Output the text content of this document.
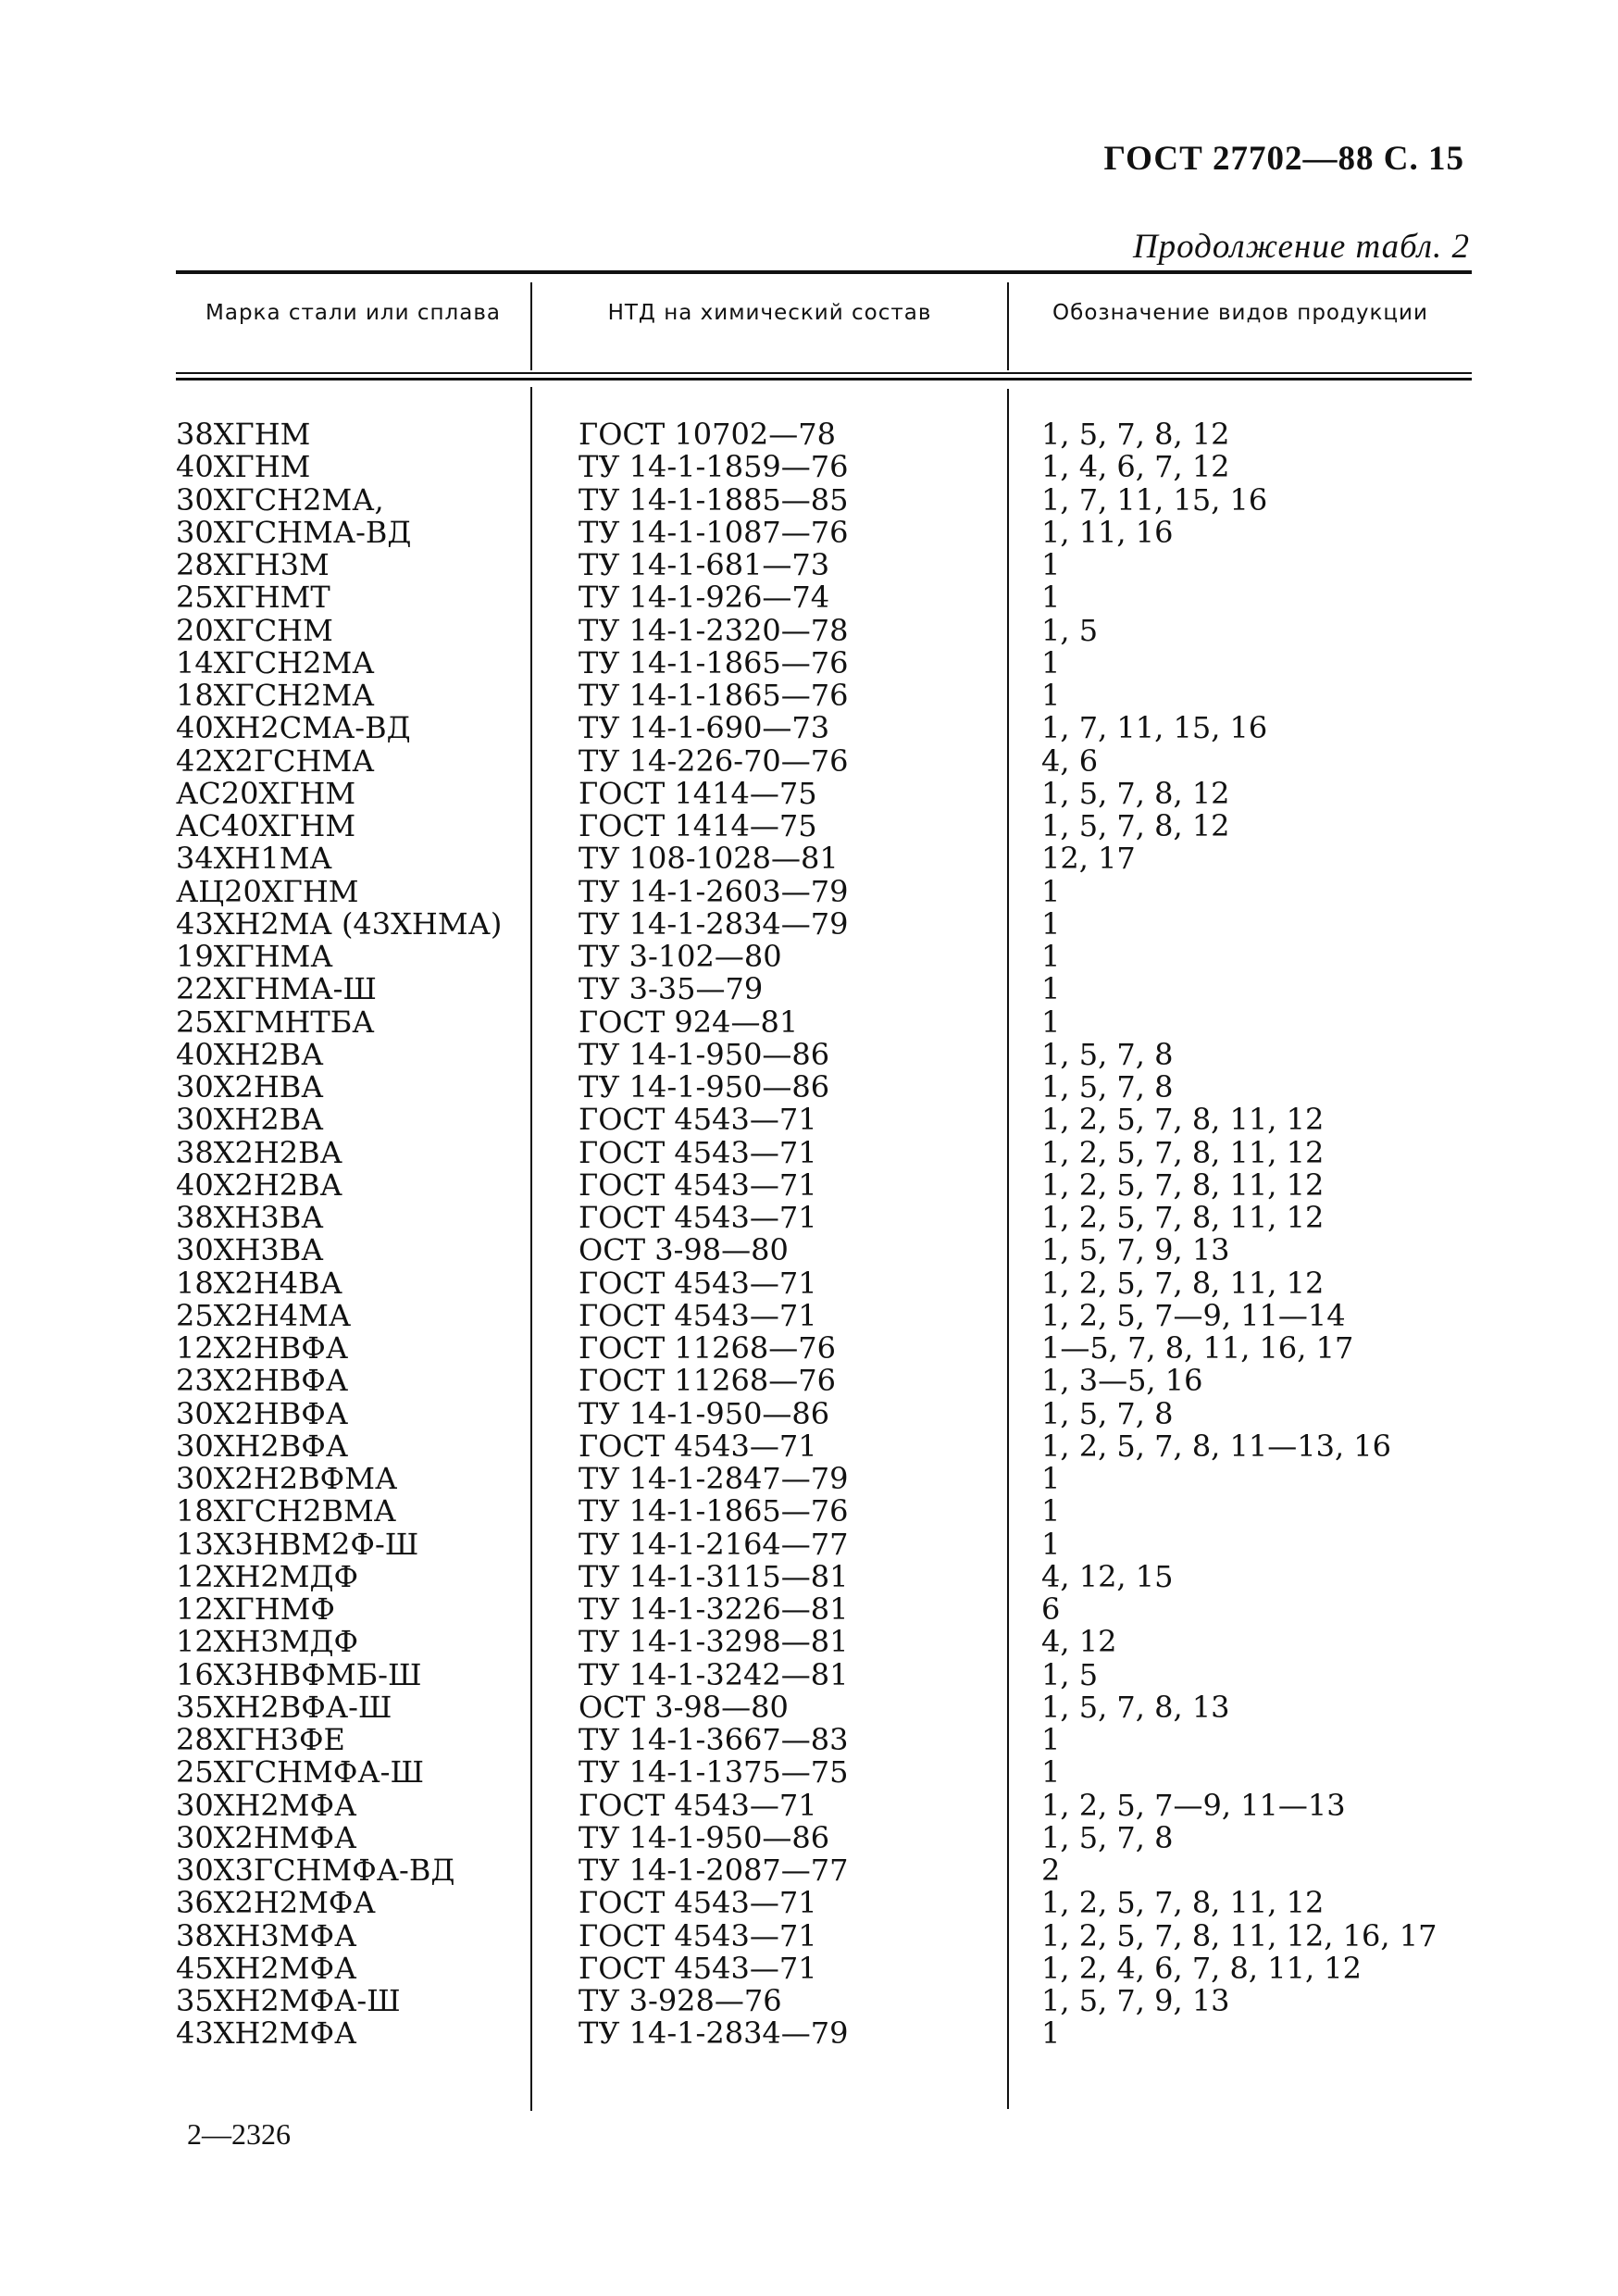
ГОСТ 27702—88 С. 15
Продолжение табл. 2
Марка стали или сплава	НТД на химический состав	Обозначение видов продукции
38ХГНМ	ГОСТ 10702—78	1, 5, 7, 8, 12
40ХГНМ	ТУ 14-1-1859—76	1, 4, 6, 7, 12
30ХГСН2МА,	ТУ 14-1-1885—85	1, 7, 11, 15, 16
30ХГСНМА-ВД	ТУ 14-1-1087—76	1, 11, 16
28ХГН3М	ТУ 14-1-681—73	1
25ХГНМТ	ТУ 14-1-926—74	1
20ХГСНМ	ТУ 14-1-2320—78	1, 5
14ХГСН2МА	ТУ 14-1-1865—76	1
18ХГСН2МА	ТУ 14-1-1865—76	1
40ХН2СМА-ВД	ТУ 14-1-690—73	1, 7, 11, 15, 16
42Х2ГСНМА	ТУ 14-226-70—76	4, 6
АС20ХГНМ	ГОСТ 1414—75	1, 5, 7, 8, 12
АС40ХГНМ	ГОСТ 1414—75	1, 5, 7, 8, 12
34ХН1МА	ТУ 108-1028—81	12, 17
АЦ20ХГНМ	ТУ 14-1-2603—79	1
43ХН2МА (43ХНМА)	ТУ 14-1-2834—79	1
19ХГНМА	ТУ 3-102—80	1
22ХГНМА-Ш	ТУ 3-35—79	1
25ХГМНТБА	ГОСТ 924—81	1
40ХН2ВА	ТУ 14-1-950—86	1, 5, 7, 8
30Х2НВА	ТУ 14-1-950—86	1, 5, 7, 8
30ХН2ВА	ГОСТ 4543—71	1, 2, 5, 7, 8, 11, 12
38Х2Н2ВА	ГОСТ 4543—71	1, 2, 5, 7, 8, 11, 12
40Х2Н2ВА	ГОСТ 4543—71	1, 2, 5, 7, 8, 11, 12
38ХН3ВА	ГОСТ 4543—71	1, 2, 5, 7, 8, 11, 12
30ХН3ВА	ОСТ 3-98—80	1, 5, 7, 9, 13
18Х2Н4ВА	ГОСТ 4543—71	1, 2, 5, 7, 8, 11, 12
25Х2Н4МА	ГОСТ 4543—71	1, 2, 5, 7—9, 11—14
12Х2НВФА	ГОСТ 11268—76	1—5, 7, 8, 11, 16, 17
23Х2НВФА	ГОСТ 11268—76	1, 3—5, 16
30Х2НВФА	ТУ 14-1-950—86	1, 5, 7, 8
30ХН2ВФА	ГОСТ 4543—71	1, 2, 5, 7, 8, 11—13, 16
30Х2Н2ВФМА	ТУ 14-1-2847—79	1
18ХГСН2ВМА	ТУ 14-1-1865—76	1
13Х3НВМ2Ф-Ш	ТУ 14-1-2164—77	1
12ХН2МДФ	ТУ 14-1-3115—81	4, 12, 15
12ХГНМФ	ТУ 14-1-3226—81	6
12ХН3МДФ	ТУ 14-1-3298—81	4, 12
16Х3НВФМБ-Ш	ТУ 14-1-3242—81	1, 5
35ХН2ВФА-Ш	ОСТ 3-98—80	1, 5, 7, 8, 13
28ХГН3ФЕ	ТУ 14-1-3667—83	1
25ХГСНМФА-Ш	ТУ 14-1-1375—75	1
30ХН2МФА	ГОСТ 4543—71	1, 2, 5, 7—9, 11—13
30Х2НМФА	ТУ 14-1-950—86	1, 5, 7, 8
30Х3ГСНМФА-ВД	ТУ 14-1-2087—77	2
36Х2Н2МФА	ГОСТ 4543—71	1, 2, 5, 7, 8, 11, 12
38ХН3МФА	ГОСТ 4543—71	1, 2, 5, 7, 8, 11, 12, 16, 17
45ХН2МФА	ГОСТ 4543—71	1, 2, 4, 6, 7, 8, 11, 12
35ХН2МФА-Ш	ТУ 3-928—76	1, 5, 7, 9, 13
43ХН2МФА	ТУ 14-1-2834—79	1
2—2326
